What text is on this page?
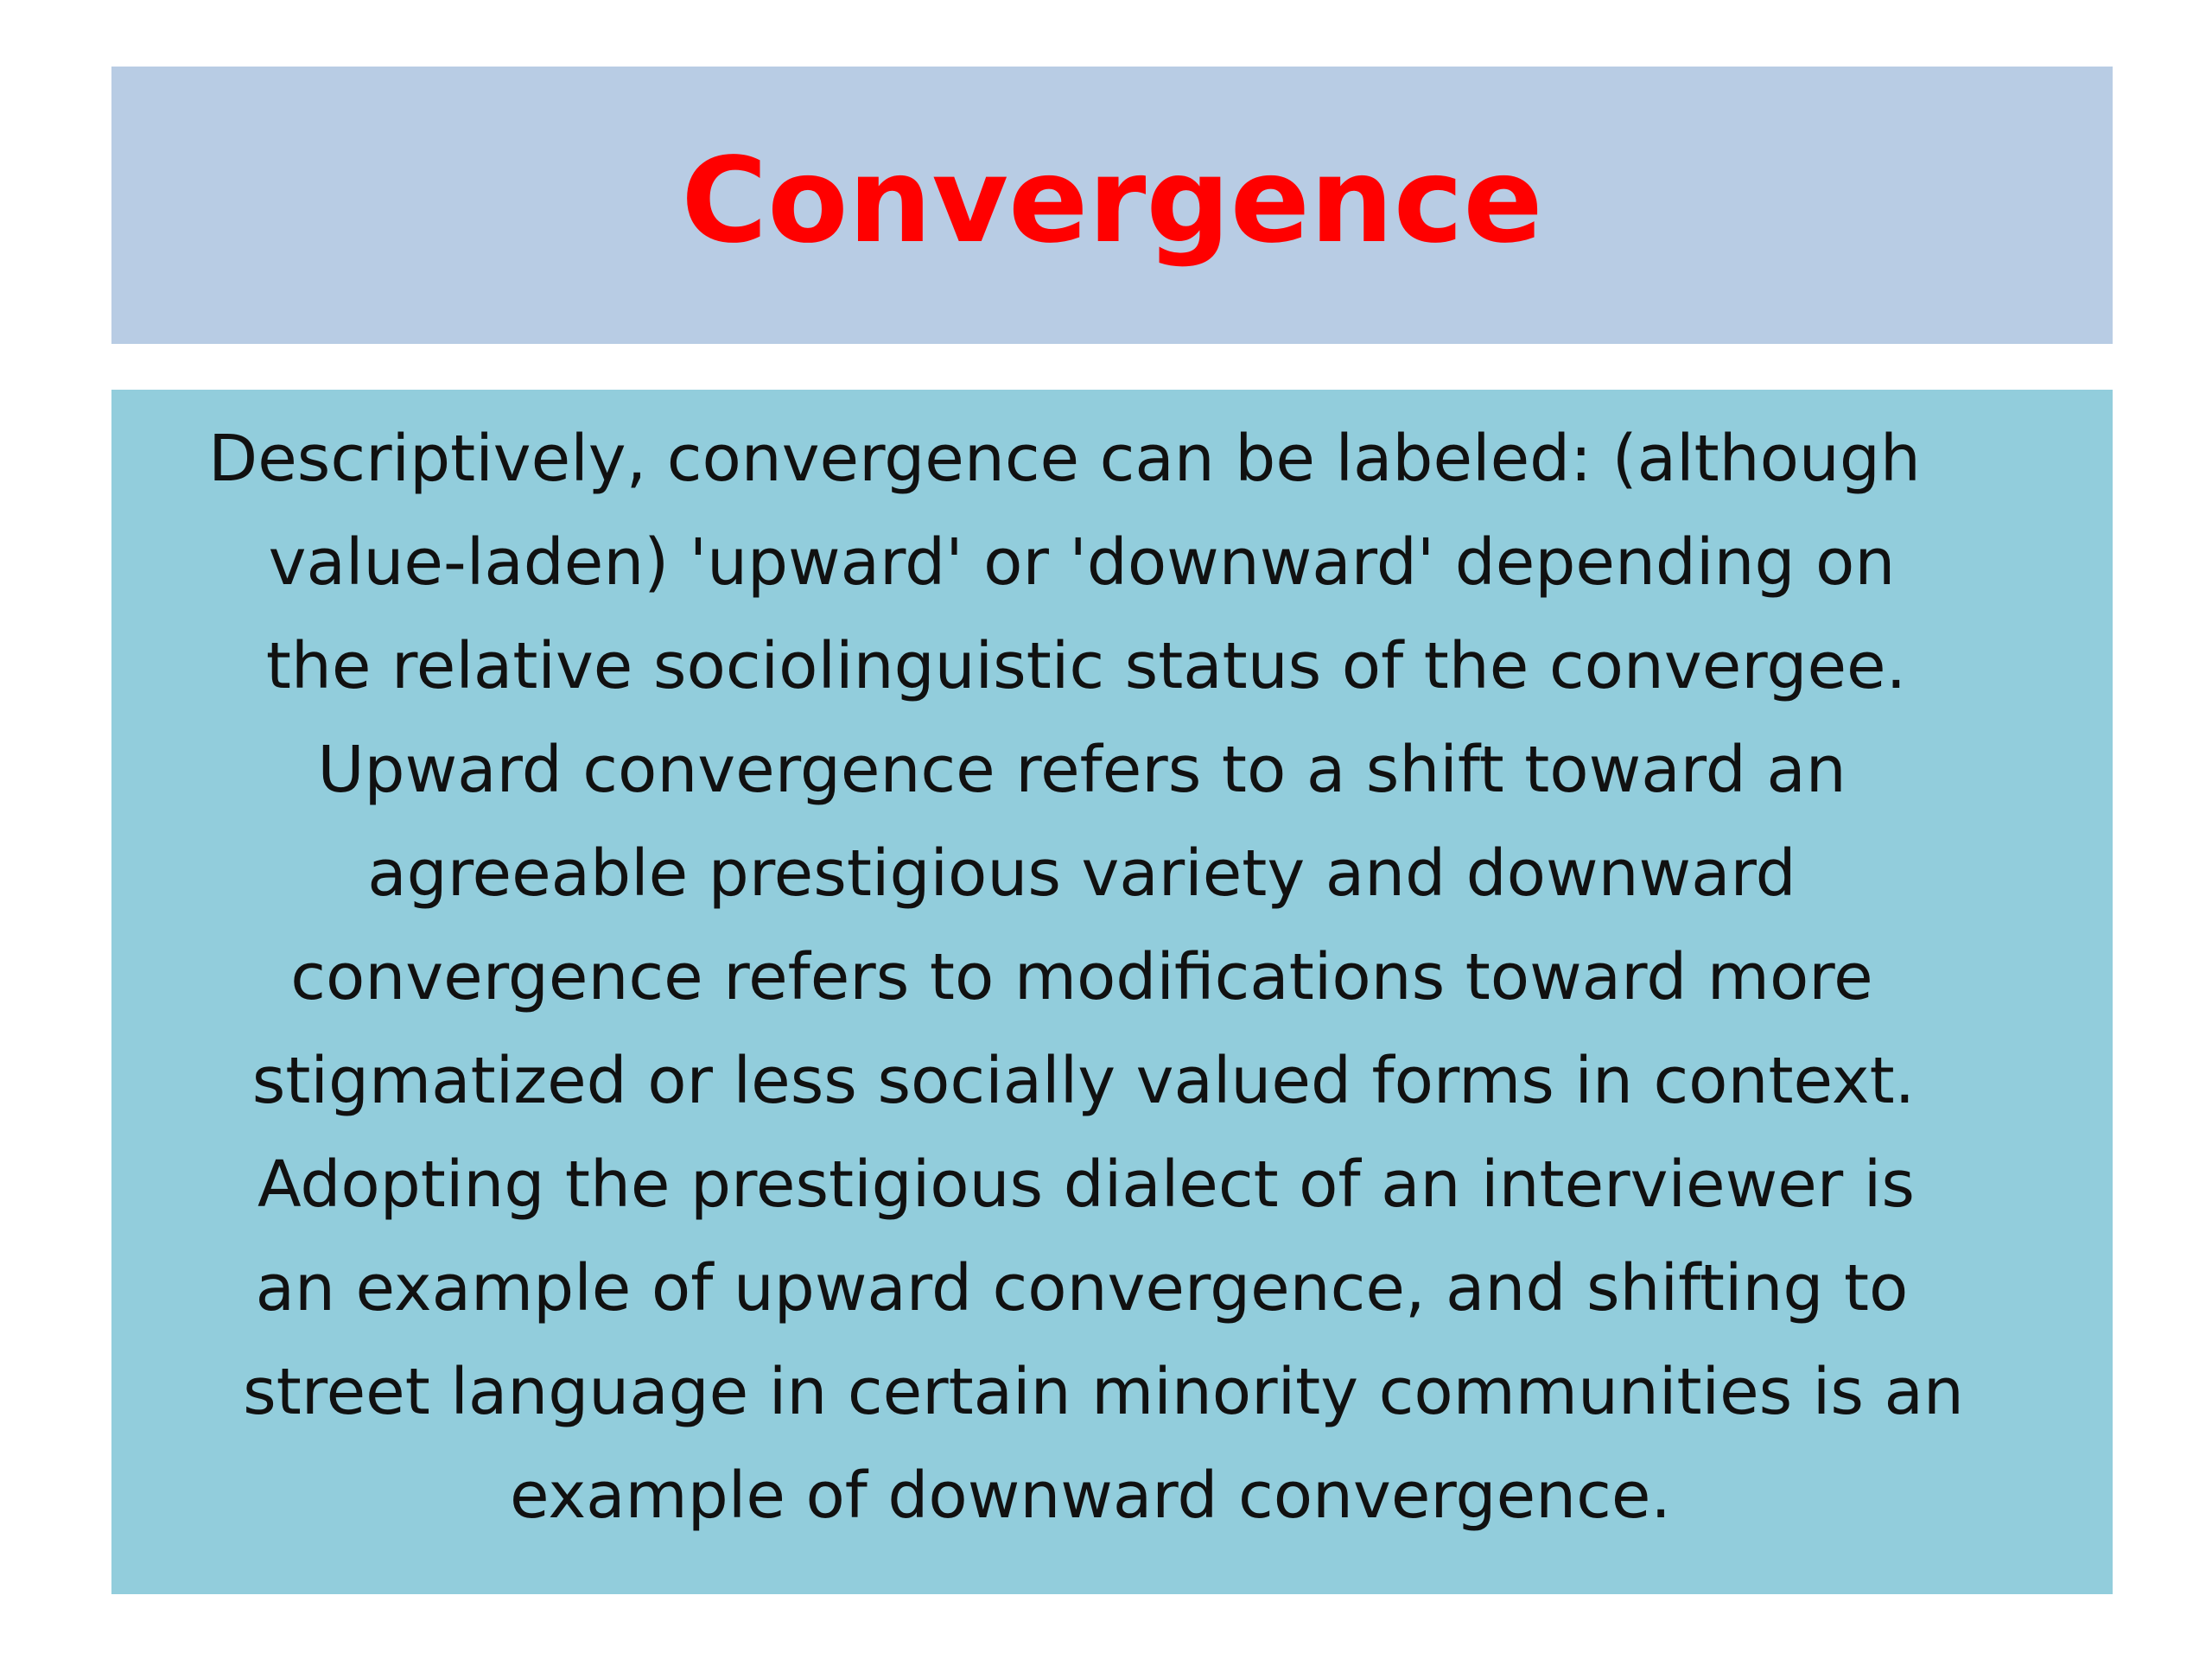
Convergence
Descriptively, convergence can be labeled: (although
value-laden) 'upward' or 'downward' depending on
the relative sociolinguistic status of the convergee.
Upward convergence refers to a shift toward an
agreeable prestigious variety and downward
convergence refers to modifications toward more
stigmatized or less socially valued forms in context.
Adopting the prestigious dialect of an interviewer is
an example of upward convergence, and shifting to
street language in certain minority communities is an
example of downward convergence.
